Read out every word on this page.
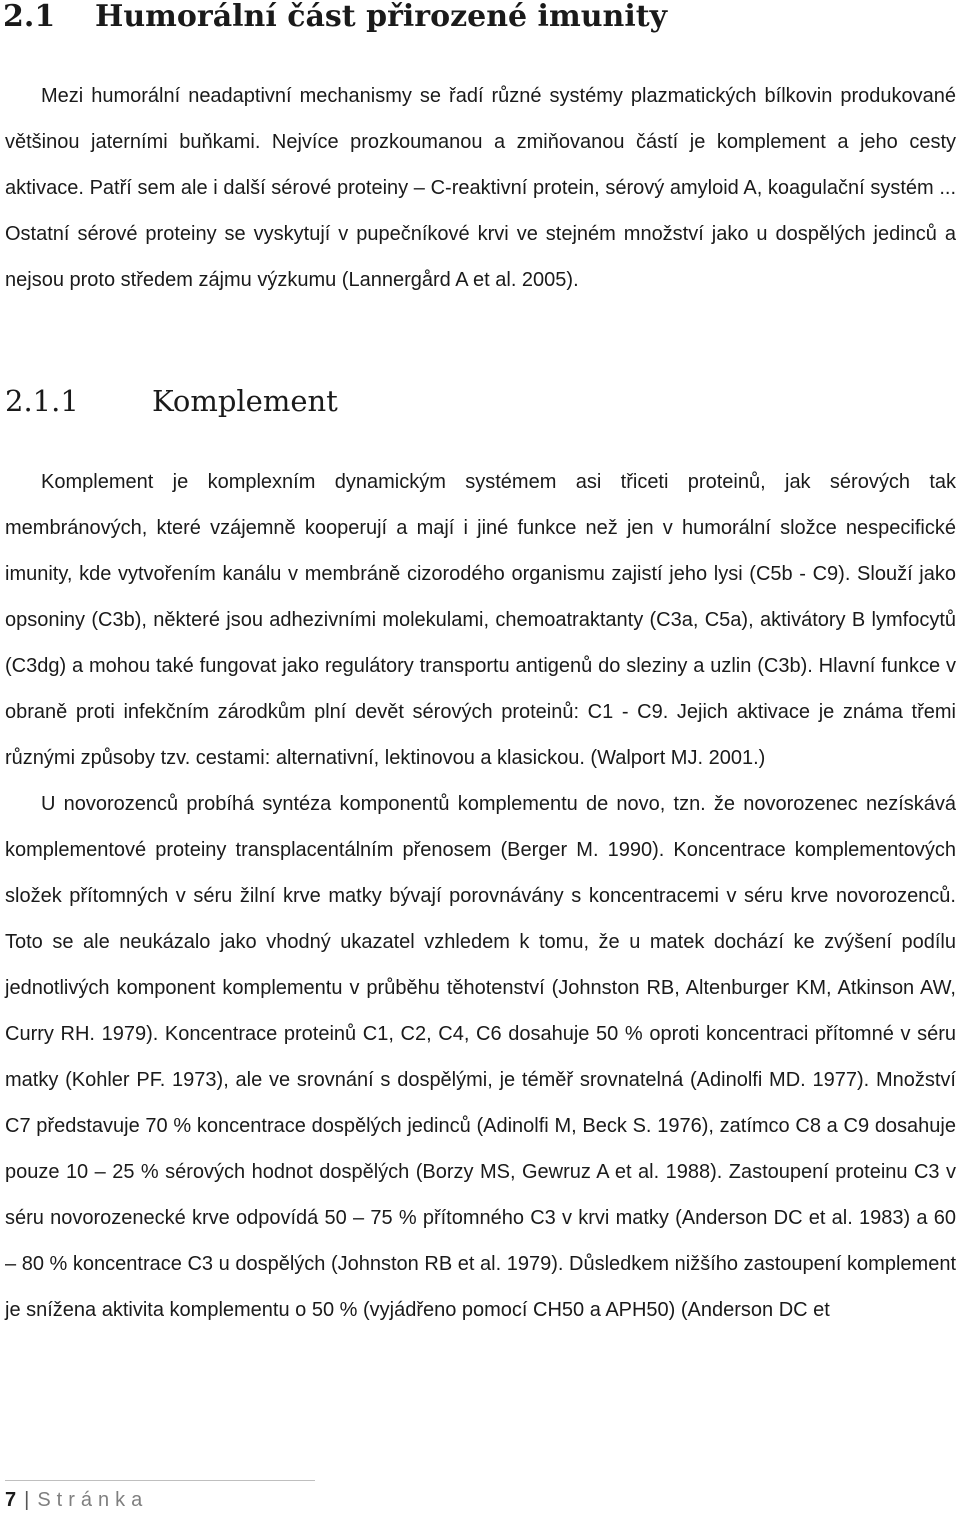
2.1 Humorální část přirozené imunity

Mezi humorální neadaptivní mechanismy se řadí různé systémy plazmatických bílkovin produkované většinou jaterními buňkami. Nejvíce prozkoumanou a zmiňovanou částí je komplement a jeho cesty aktivace. Patří sem ale i další sérové proteiny – C-reaktivní protein, sérový amyloid A, koagulační systém ... Ostatní sérové proteiny se vyskytují v pupečníkové krvi ve stejném množství jako u dospělých jedinců a nejsou proto středem zájmu výzkumu (Lannergård A et al. 2005).

2.1.1	Komplement

Komplement je komplexním dynamickým systémem asi třiceti proteinů, jak sérových tak membránových, které vzájemně kooperují a mají i jiné funkce než jen v humorální složce nespecifické imunity, kde vytvořením kanálu v membráně cizorodého organismu zajistí jeho lysi (C5b - C9). Slouží jako opsoniny (C3b), některé jsou adhezivními molekulami, chemoatraktanty (C3a, C5a), aktivátory B lymfocytů (C3dg) a mohou také fungovat jako regulátory transportu antigenů do sleziny a uzlin (C3b). Hlavní funkce v obraně proti infekčním zárodkům plní devět sérových proteinů: C1 - C9. Jejich aktivace je známa třemi různými způsoby tzv. cestami: alternativní, lektinovou a klasickou. (Walport MJ. 2001.)
U novorozenců probíhá syntéza komponentů komplementu de novo, tzn. že novorozenec nezískává komplementové proteiny transplacentálním přenosem (Berger M. 1990). Koncentrace komplementových složek přítomných v séru žilní krve matky bývají porovnávány s koncentracemi v séru krve novorozenců. Toto se ale neukázalo jako vhodný ukazatel vzhledem k tomu, že u matek dochází ke zvýšení podílu jednotlivých komponent komplementu v průběhu těhotenství (Johnston RB, Altenburger KM, Atkinson AW, Curry RH. 1979). Koncentrace proteinů C1, C2, C4, C6 dosahuje 50 % oproti koncentraci přítomné v séru matky (Kohler PF. 1973), ale ve srovnání s dospělými, je téměř srovnatelná (Adinolfi MD. 1977). Množství C7 představuje 70 % koncentrace dospělých jedinců (Adinolfi M, Beck S. 1976), zatímco C8 a C9 dosahuje pouze 10 – 25 % sérových hodnot dospělých (Borzy MS, Gewruz A et al. 1988). Zastoupení proteinu C3 v séru novorozenecké krve odpovídá 50 – 75 % přítomného C3 v krvi matky (Anderson DC et al. 1983) a 60 – 80 % koncentrace C3 u dospělých (Johnston RB et al. 1979). Důsledkem nižšího zastoupení komplement je snížena aktivita komplementu o 50 % (vyjádřeno pomocí CH50 a APH50) (Anderson DC et

7 | Stránka
